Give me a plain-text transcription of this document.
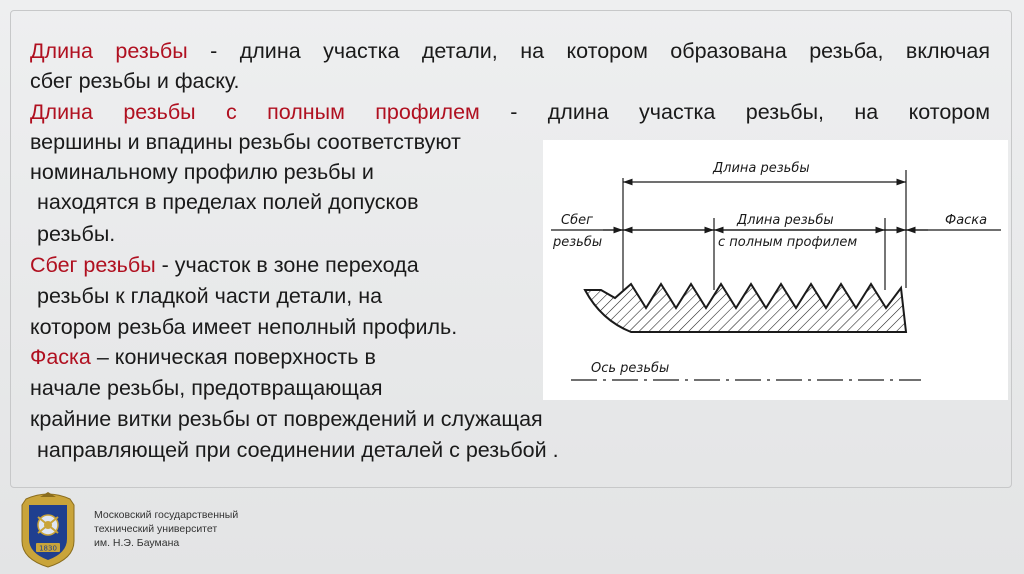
Длина резьбы - длина участка детали, на котором образована резьба, включая

сбег резьбы и фаску.

Длина резьбы с полным профилем - длина участка резьбы, на котором

вершины и впадины резьбы соответствуют

номинальному профилю резьбы и

находятся в пределах полей допусков

резьбы.

Сбег резьбы - участок в зоне перехода

резьбы к гладкой части детали, на

котором резьба имеет неполный профиль.

Фаска – коническая поверхность в

начале резьбы, предотвращающая

крайние витки резьбы от повреждений и служащая

направляющей при соединении деталей с резьбой .

Длина резьбы
Сбег
резьбы
Длина резьбы
с полным профилем
Фаска
Ось резьбы
1830
Московский государственный
технический университет
им. Н.Э. Баумана
